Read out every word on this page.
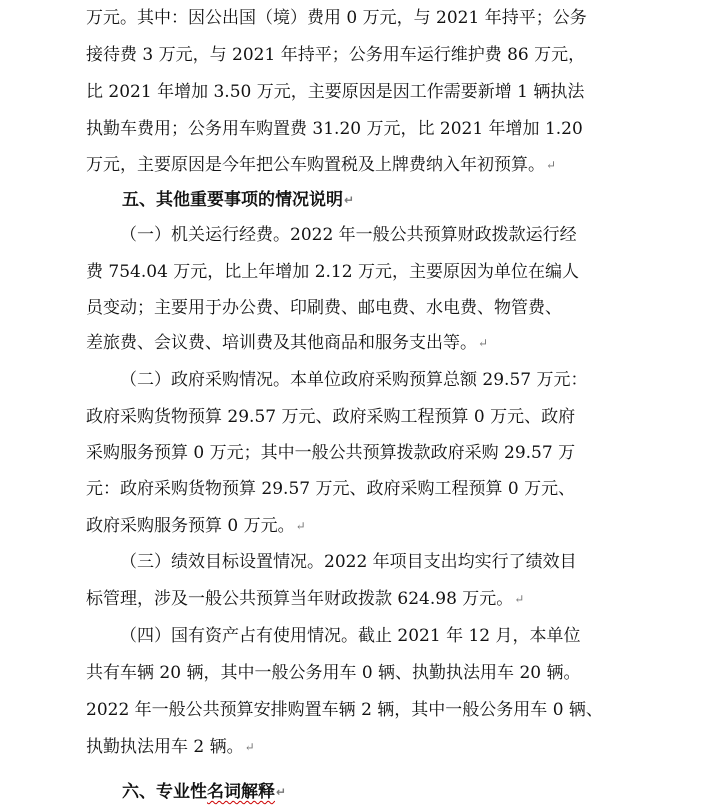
万元。其中：因公出国（境）费用 0 万元，与 2021 年持平；公务
接待费 3 万元，与 2021 年持平；公务用车运行维护费 86 万元，
比 2021 年增加 3.50 万元，主要原因是因工作需要新增 1 辆执法
执勤车费用；公务用车购置费 31.20 万元，比 2021 年增加 1.20
万元，主要原因是今年把公车购置税及上牌费纳入年初预算。 ↵
五、其他重要事项的情况说明 ↵
（一）机关运行经费。2022 年一般公共预算财政拨款运行经
费 754.04 万元，比上年增加 2.12 万元，主要原因为单位在编人
员变动；主要用于办公费、印刷费、邮电费、水电费、物管费、
差旅费、会议费、培训费及其他商品和服务支出等。 ↵
（二）政府采购情况。本单位政府采购预算总额 29.57 万元：
政府采购货物预算 29.57 万元、政府采购工程预算 0 万元、政府
采购服务预算 0 万元；其中一般公共预算拨款政府采购 29.57 万
元：政府采购货物预算 29.57 万元、政府采购工程预算 0 万元、
政府采购服务预算 0 万元。 ↵
（三）绩效目标设置情况。2022 年项目支出均实行了绩效目
标管理，涉及一般公共预算当年财政拨款 624.98 万元。 ↵
（四）国有资产占有使用情况。截止 2021 年 12 月，本单位
共有车辆 20 辆，其中一般公务用车 0 辆、执勤执法用车 20 辆。
2022 年一般公共预算安排购置车辆 2 辆，其中一般公务用车 0 辆、
执勤执法用车 2 辆。 ↵
六、专业性 名词解释 ↵
